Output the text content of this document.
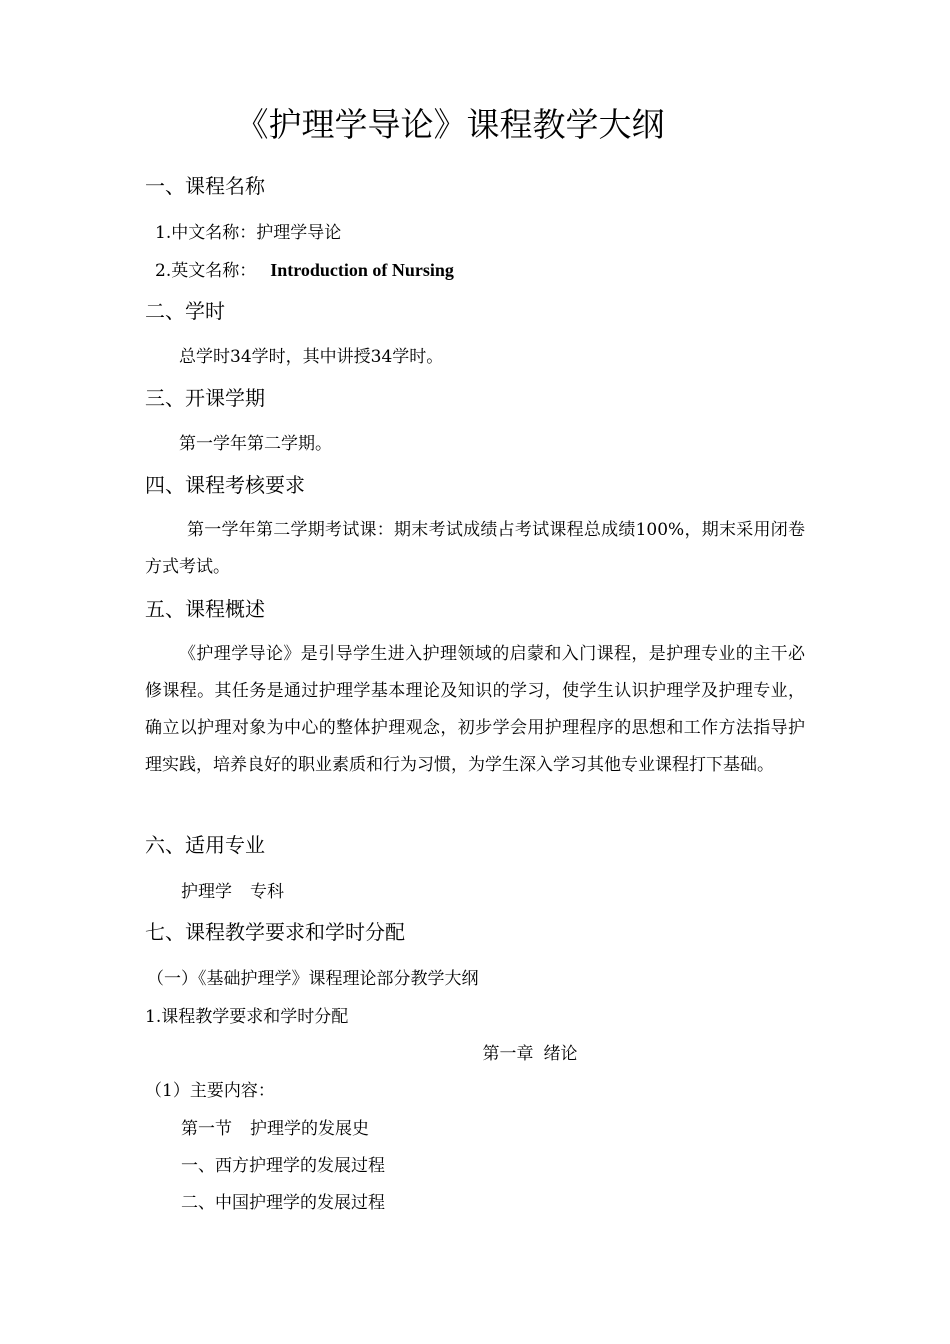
《护理学导论》课程教学大纲
一、课程名称
1.中文名称：护理学导论
2.英文名称： Introduction of Nursing
二、学时
总学时34学时，其中讲授34学时。
三、开课学期
第一学年第二学期。
四、课程考核要求

第一学年第二学期考试课：期末考试成绩占考试课程总成绩100%，期末采用闭卷方式考试。

五、课程概述

《护理学导论》是引导学生进入护理领域的启蒙和入门课程，是护理专业的主干必修课程。其任务是通过护理学基本理论及知识的学习，使学生认识护理学及护理专业，确立以护理对象为中心的整体护理观念，初步学会用护理程序的思想和工作方法指导护理实践，培养良好的职业素质和行为习惯，为学生深入学习其他专业课程打下基础。

六、适用专业
护理学 专科
七、课程教学要求和学时分配
（一）《基础护理学》课程理论部分教学大纲
1.课程教学要求和学时分配
第一章 绪论
（1）主要内容：
第一节 护理学的发展史
一、西方护理学的发展过程
二、中国护理学的发展过程
